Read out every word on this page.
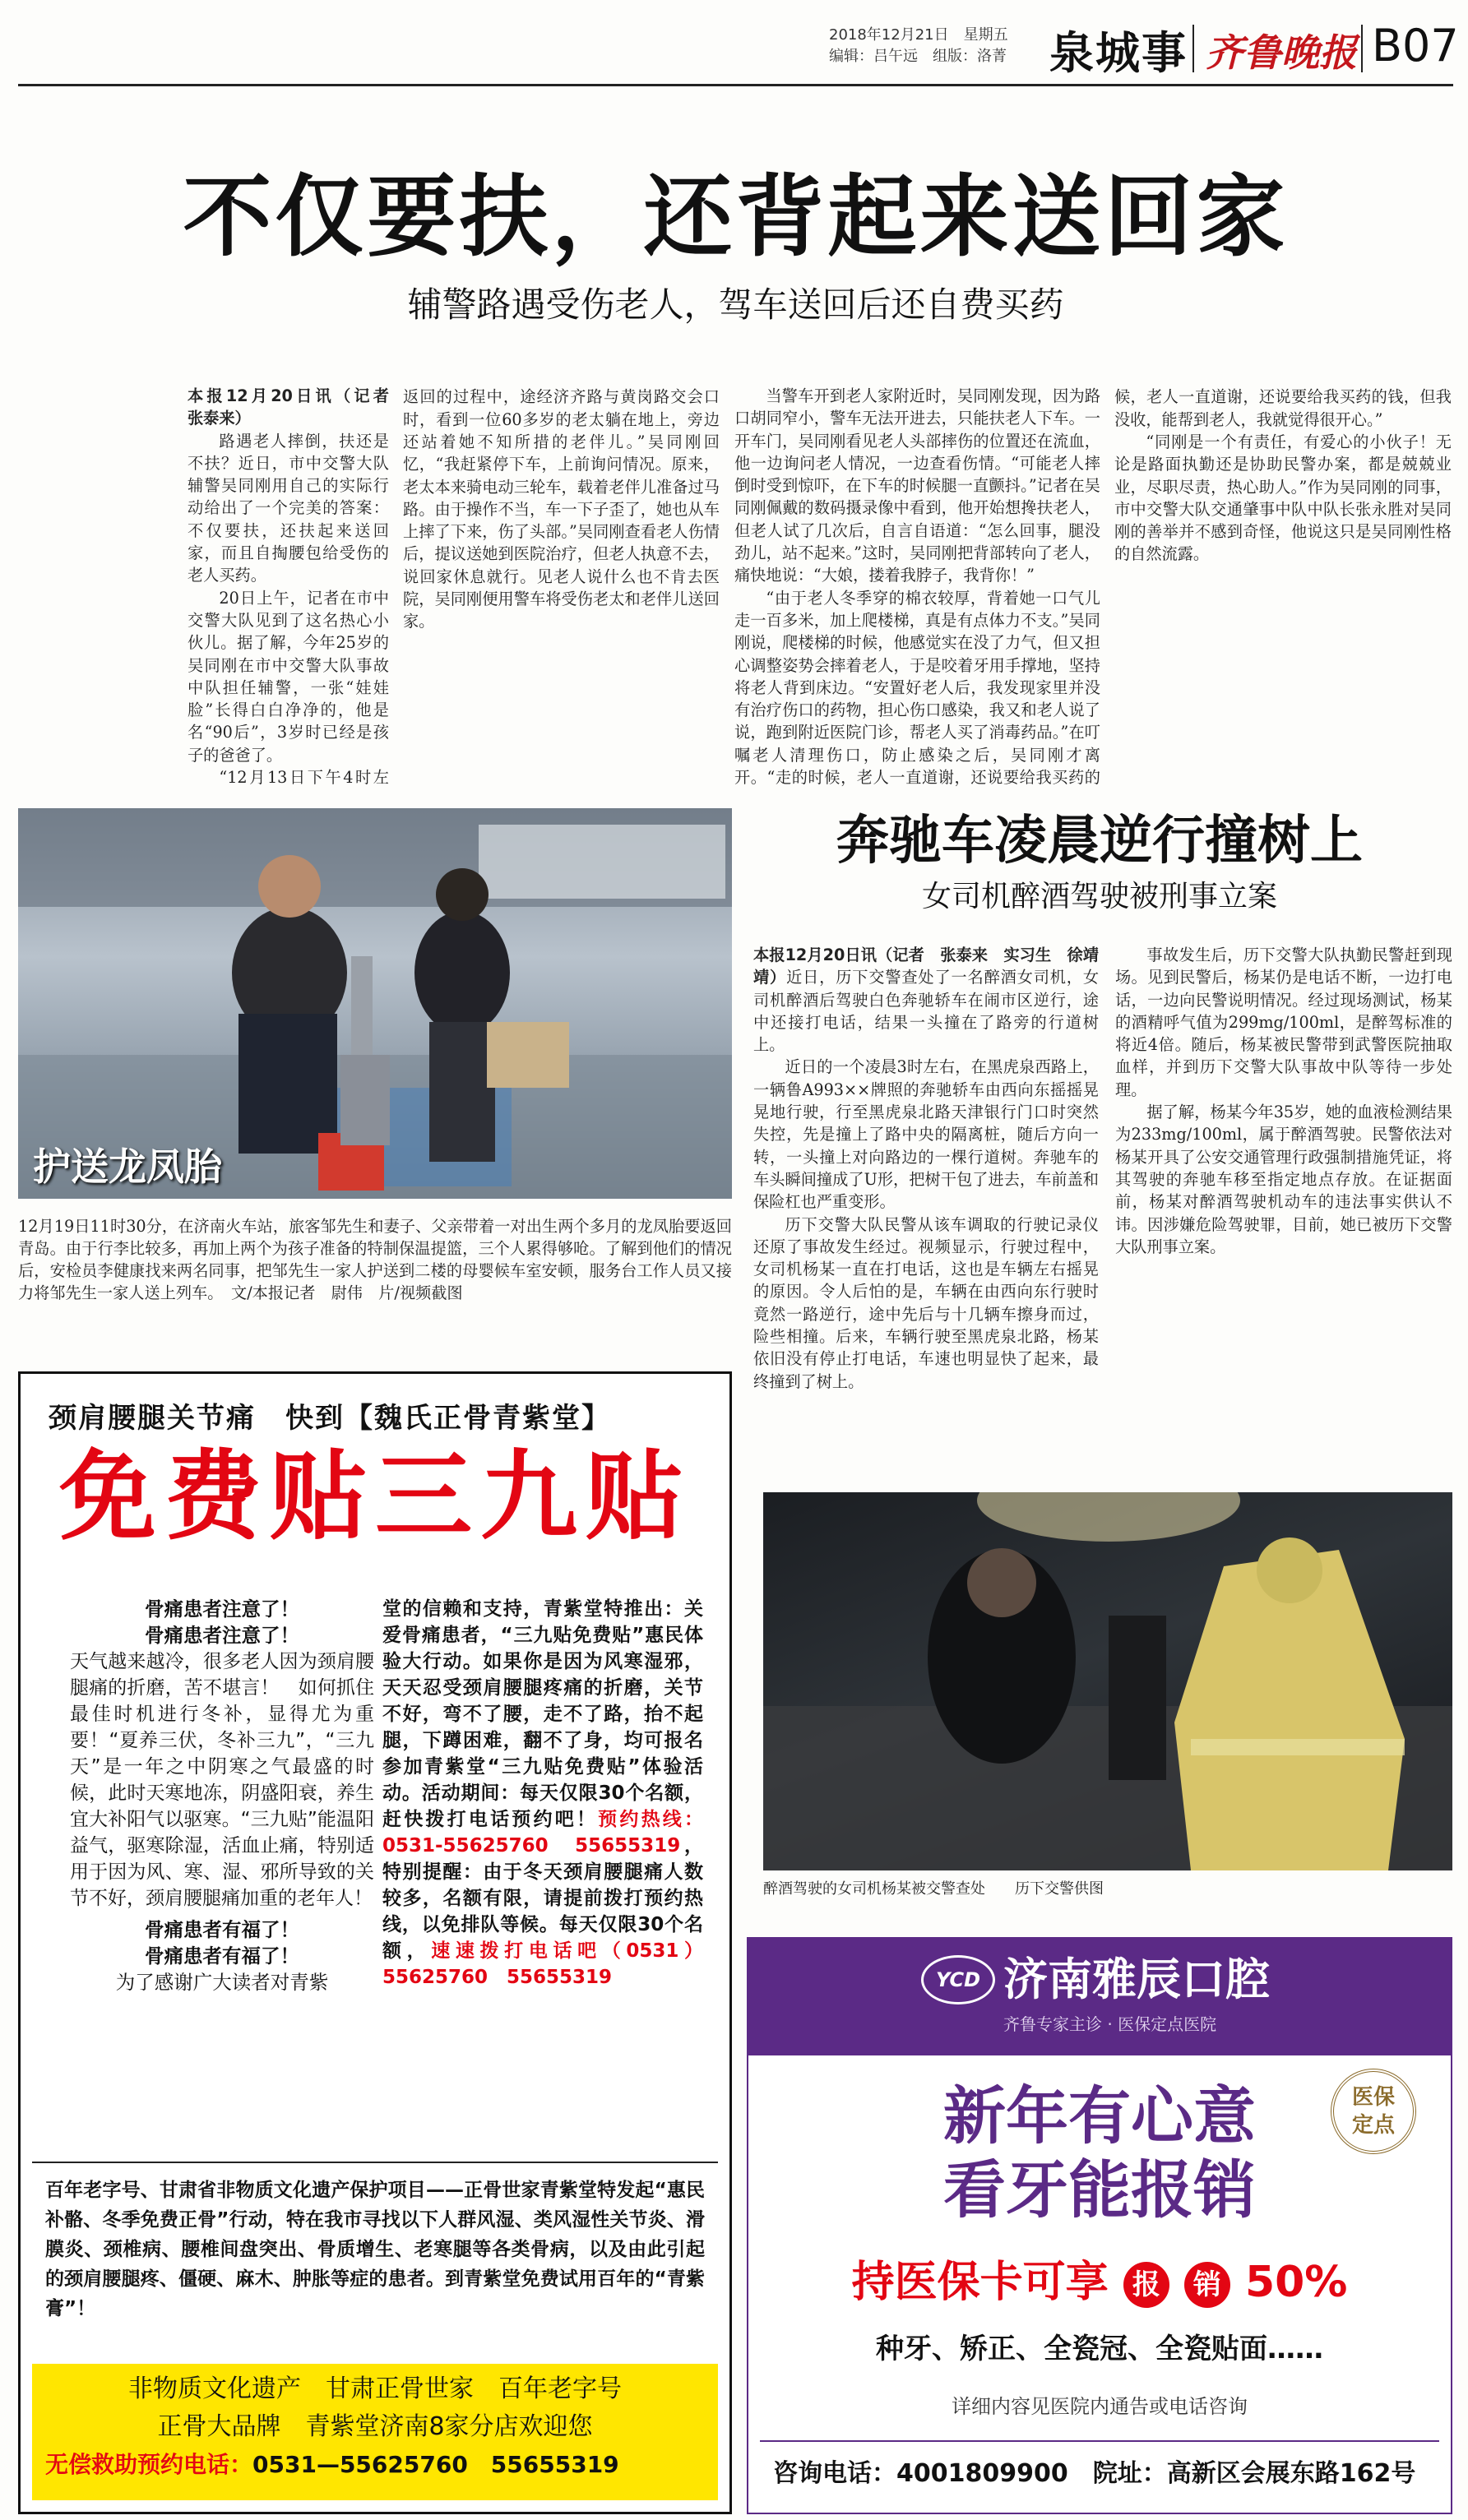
2018年12月21日　 星期五
编辑：吕午远　 组版：洛菁 泉城事 齐鲁晚报 B07
不仅要扶，还背起来送回家
辅警路遇受伤老人，驾车送回后还自费买药

本报12月20日讯（记者　张泰来）

路遇老人摔倒，扶还是不扶？近日，市中交警大队辅警吴同刚用自己的实际行动给出了一个完美的答案：不仅要扶，还扶起来送回家，而且自掏腰包给受伤的老人买药。

20日上午，记者在市中交警大队见到了这名热心小伙儿。据了解，今年25岁的吴同刚在市中交警大队事故中队担任辅警，一张“娃娃脸”长得白白净净的，他是名“90后”，3岁时已经是孩子的爸爸了。

“12月13日下午4时左

返回的过程中，途经济齐路与黄岗路交会口时，看到一位60多岁的老太躺在地上，旁边还站着她不知所措的老伴儿。”吴同刚回忆，“我赶紧停下车，上前询问情况。原来，老太本来骑电动三轮车，载着老伴儿准备过马路。由于操作不当，车一下子歪了，她也从车上摔了下来，伤了头部。”吴同刚查看老人伤情后，提议送她到医院治疗，但老人执意不去，说回家休息就行。见老人说什么也不肯去医院，吴同刚便用警车将受伤老太和老伴儿送回家。

当警车开到老人家附近时，吴同刚发现，因为路口胡同窄小，警车无法开进去，只能扶老人下车。一开车门，吴同刚看见老人头部摔伤的位置还在流血，他一边询问老人情况，一边查看伤情。“可能老人摔倒时受到惊吓，在下车的时候腿一直颤抖。”记者在吴同刚佩戴的数码摄录像中看到，他开始想搀扶老人，但老人试了几次后，自言自语道：“怎么回事，腿没劲儿，站不起来。”这时，吴同刚把背部转向了老人，痛快地说：“大娘，搂着我脖子，我背你！”

“由于老人冬季穿的棉衣较厚，背着她一口气儿走一百多米，加上爬楼梯，真是有点体力不支。”吴同刚说，爬楼梯的时候，他感觉实在没了力气，但又担心调整姿势会摔着老人，于是咬着牙用手撑地，坚持将老人背到床边。“安置好老人后，我发现家里并没有治疗伤口的药物，担心伤口感染，我又和老人说了说，跑到附近医院门诊，帮老人买了消毒药品。”在叮嘱老人清理伤口，防止感染之后，吴同刚才离开。“走的时候，老人一直道谢，还说要给我买药的

候，老人一直道谢，还说要给我买药的钱，但我没收，能帮到老人，我就觉得很开心。”

“同刚是一个有责任，有爱心的小伙子！无论是路面执勤还是协助民警办案，都是兢兢业业，尽职尽责，热心助人。”作为吴同刚的同事，市中交警大队交通肇事中队中队长张永胜对吴同刚的善举并不感到奇怪，他说这只是吴同刚性格的自然流露。

护送龙凤胎
12月19日11时30分，在济南火车站，旅客邹先生和妻子、父亲带着一对出生两个多月的龙凤胎要返回青岛。由于行李比较多，再加上两个为孩子准备的特制保温提篮，三个人累得够呛。了解到他们的情况后，安检员李健康找来两名同事，把邹先生一家人护送到二楼的母婴候车室安顿，服务台工作人员又接力将邹先生一家人送上列车。　文/本报记者　尉伟　片/视频截图
奔驰车凌晨逆行撞树上
女司机醉酒驾驶被刑事立案

本报12月20日讯（记者　张泰来　实习生　徐靖靖）近日，历下交警查处了一名醉酒女司机，女司机醉酒后驾驶白色奔驰轿车在闹市区逆行，途中还接打电话，结果一头撞在了路旁的行道树上。

近日的一个凌晨3时左右，在黑虎泉西路上，一辆鲁A993××牌照的奔驰轿车由西向东摇摇晃晃地行驶，行至黑虎泉北路天津银行门口时突然失控，先是撞上了路中央的隔离桩，随后方向一转，一头撞上对向路边的一棵行道树。奔驰车的车头瞬间撞成了U形，把树干包了进去，车前盖和保险杠也严重变形。

历下交警大队民警从该车调取的行驶记录仪还原了事故发生经过。视频显示，行驶过程中，女司机杨某一直在打电话，这也是车辆左右摇晃的原因。令人后怕的是，车辆在由西向东行驶时竟然一路逆行，途中先后与十几辆车擦身而过，险些相撞。后来，车辆行驶至黑虎泉北路，杨某依旧没有停止打电话，车速也明显快了起来，最终撞到了树上。

事故发生后，历下交警大队执勤民警赶到现场。见到民警后，杨某仍是电话不断，一边打电话，一边向民警说明情况。经过现场测试，杨某的酒精呼气值为299mg/100ml，是醉驾标准的将近4倍。随后，杨某被民警带到武警医院抽取血样，并到历下交警大队事故中队等待一步处理。

据了解，杨某今年35岁，她的血液检测结果为233mg/100ml，属于醉酒驾驶。民警依法对杨某开具了公安交通管理行政强制措施凭证，将其驾驶的奔驰车移至指定地点存放。在证据面前，杨某对醉酒驾驶机动车的违法事实供认不讳。因涉嫌危险驾驶罪，目前，她已被历下交警大队刑事立案。

醉酒驾驶的女司机杨某被交警查处　　 历下交警供图
颈肩腰腿关节痛　快到【魏氏正骨青紫堂】
免费贴三九贴
骨痛患者注意了！
骨痛患者注意了！
天气越来越冷，很多老人因为颈肩腰腿痛的折磨，苦不堪言！　如何抓住最佳时机进行冬补，显得尤为重要！“夏养三伏，冬补三九”，“三九天”是一年之中阴寒之气最盛的时候，此时天寒地冻，阴盛阳衰，养生宜大补阳气以驱寒。“三九贴”能温阳益气，驱寒除湿，活血止痛，特别适用于因为风、寒、湿、邪所导致的关节不好，颈肩腰腿痛加重的老年人！
骨痛患者有福了！
骨痛患者有福了！
为了感谢广大读者对青紫
堂的信赖和支持，青紫堂特推出：关爱骨痛患者，“三九贴免费贴”惠民体验大行动。如果你是因为风寒湿邪，天天忍受颈肩腰腿疼痛的折磨，关节不好，弯不了腰，走不了路，抬不起腿，下蹲困难，翻不了身，均可报名参加青紫堂“三九贴免费贴”体验活动。活动期间：每天仅限30个名额，赶快拨打电话预约吧！预约热线：0531-55625760　55655319，特别提醒：由于冬天颈肩腰腿痛人数较多，名额有限，请提前拨打预约热线，以免排队等候。每天仅限30个名额，速速拨打电话吧（0531）55625760　55655319
百年老字号、甘肃省非物质文化遗产保护项目——正骨世家青紫堂特发起“惠民补骼、冬季免费正骨”行动，特在我市寻找以下人群风湿、类风湿性关节炎、滑膜炎、颈椎病、腰椎间盘突出、骨质增生、老寒腿等各类骨病，以及由此引起的颈肩腰腿疼、僵硬、麻木、肿胀等症的患者。到青紫堂免费试用百年的“青紫膏”！
非物质文化遗产　甘肃正骨世家　百年老字号
正骨大品牌　青紫堂济南8家分店欢迎您
无偿救助预约电话：0531—55625760　55655319
YCD 济南雅辰口腔
齐鲁专家主诊 · 医保定点医院
医保
定点
新年有心意
看牙能报销
持医保卡可享 报 销 50%
种牙、矫正、全瓷冠、全瓷贴面……
详细内容见医院内通告或电话咨询
咨询电话：4001809900　 院址：高新区会展东路162号
